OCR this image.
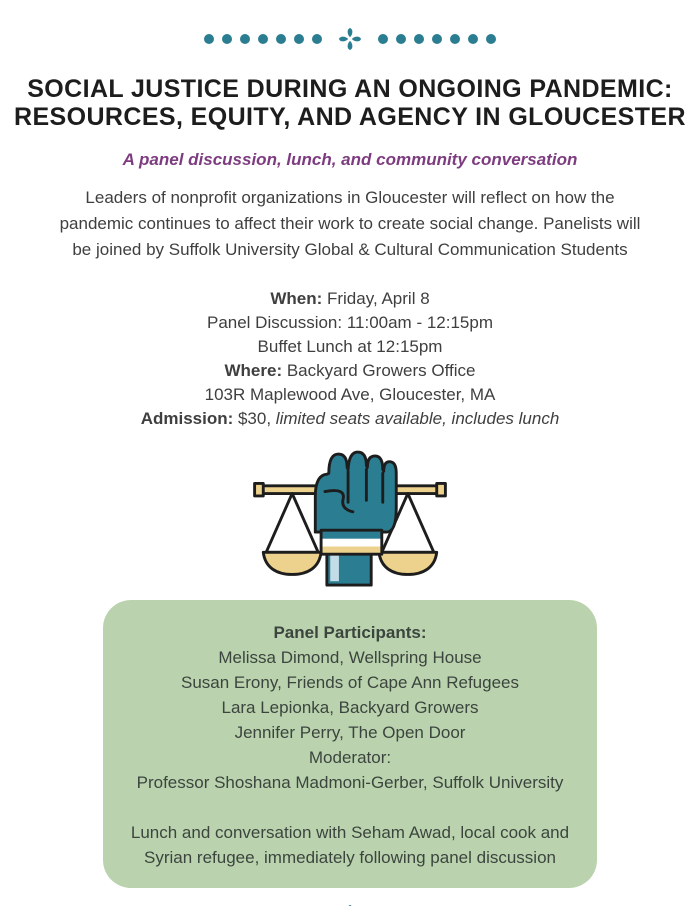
SOCIAL JUSTICE DURING AN ONGOING PANDEMIC:
RESOURCES, EQUITY, AND AGENCY IN GLOUCESTER
A panel discussion, lunch, and community conversation
Leaders of nonprofit organizations in Gloucester will reflect on how the
pandemic continues to affect their work to create social change. Panelists will
be joined by Suffolk University Global & Cultural Communication Students
When: Friday, April 8
Panel Discussion: 11:00am - 12:15pm
Buffet Lunch at 12:15pm
Where: Backyard Growers Office
103R Maplewood Ave, Gloucester, MA
Admission: $30, limited seats available, includes lunch
Panel Participants:
Melissa Dimond, Wellspring House
Susan Erony, Friends of Cape Ann Refugees
Lara Lepionka, Backyard Growers
Jennifer Perry, The Open Door
Moderator:
Professor Shoshana Madmoni-Gerber, Suffolk University
Lunch and conversation with Seham Awad, local cook and
Syrian refugee, immediately following panel discussion
